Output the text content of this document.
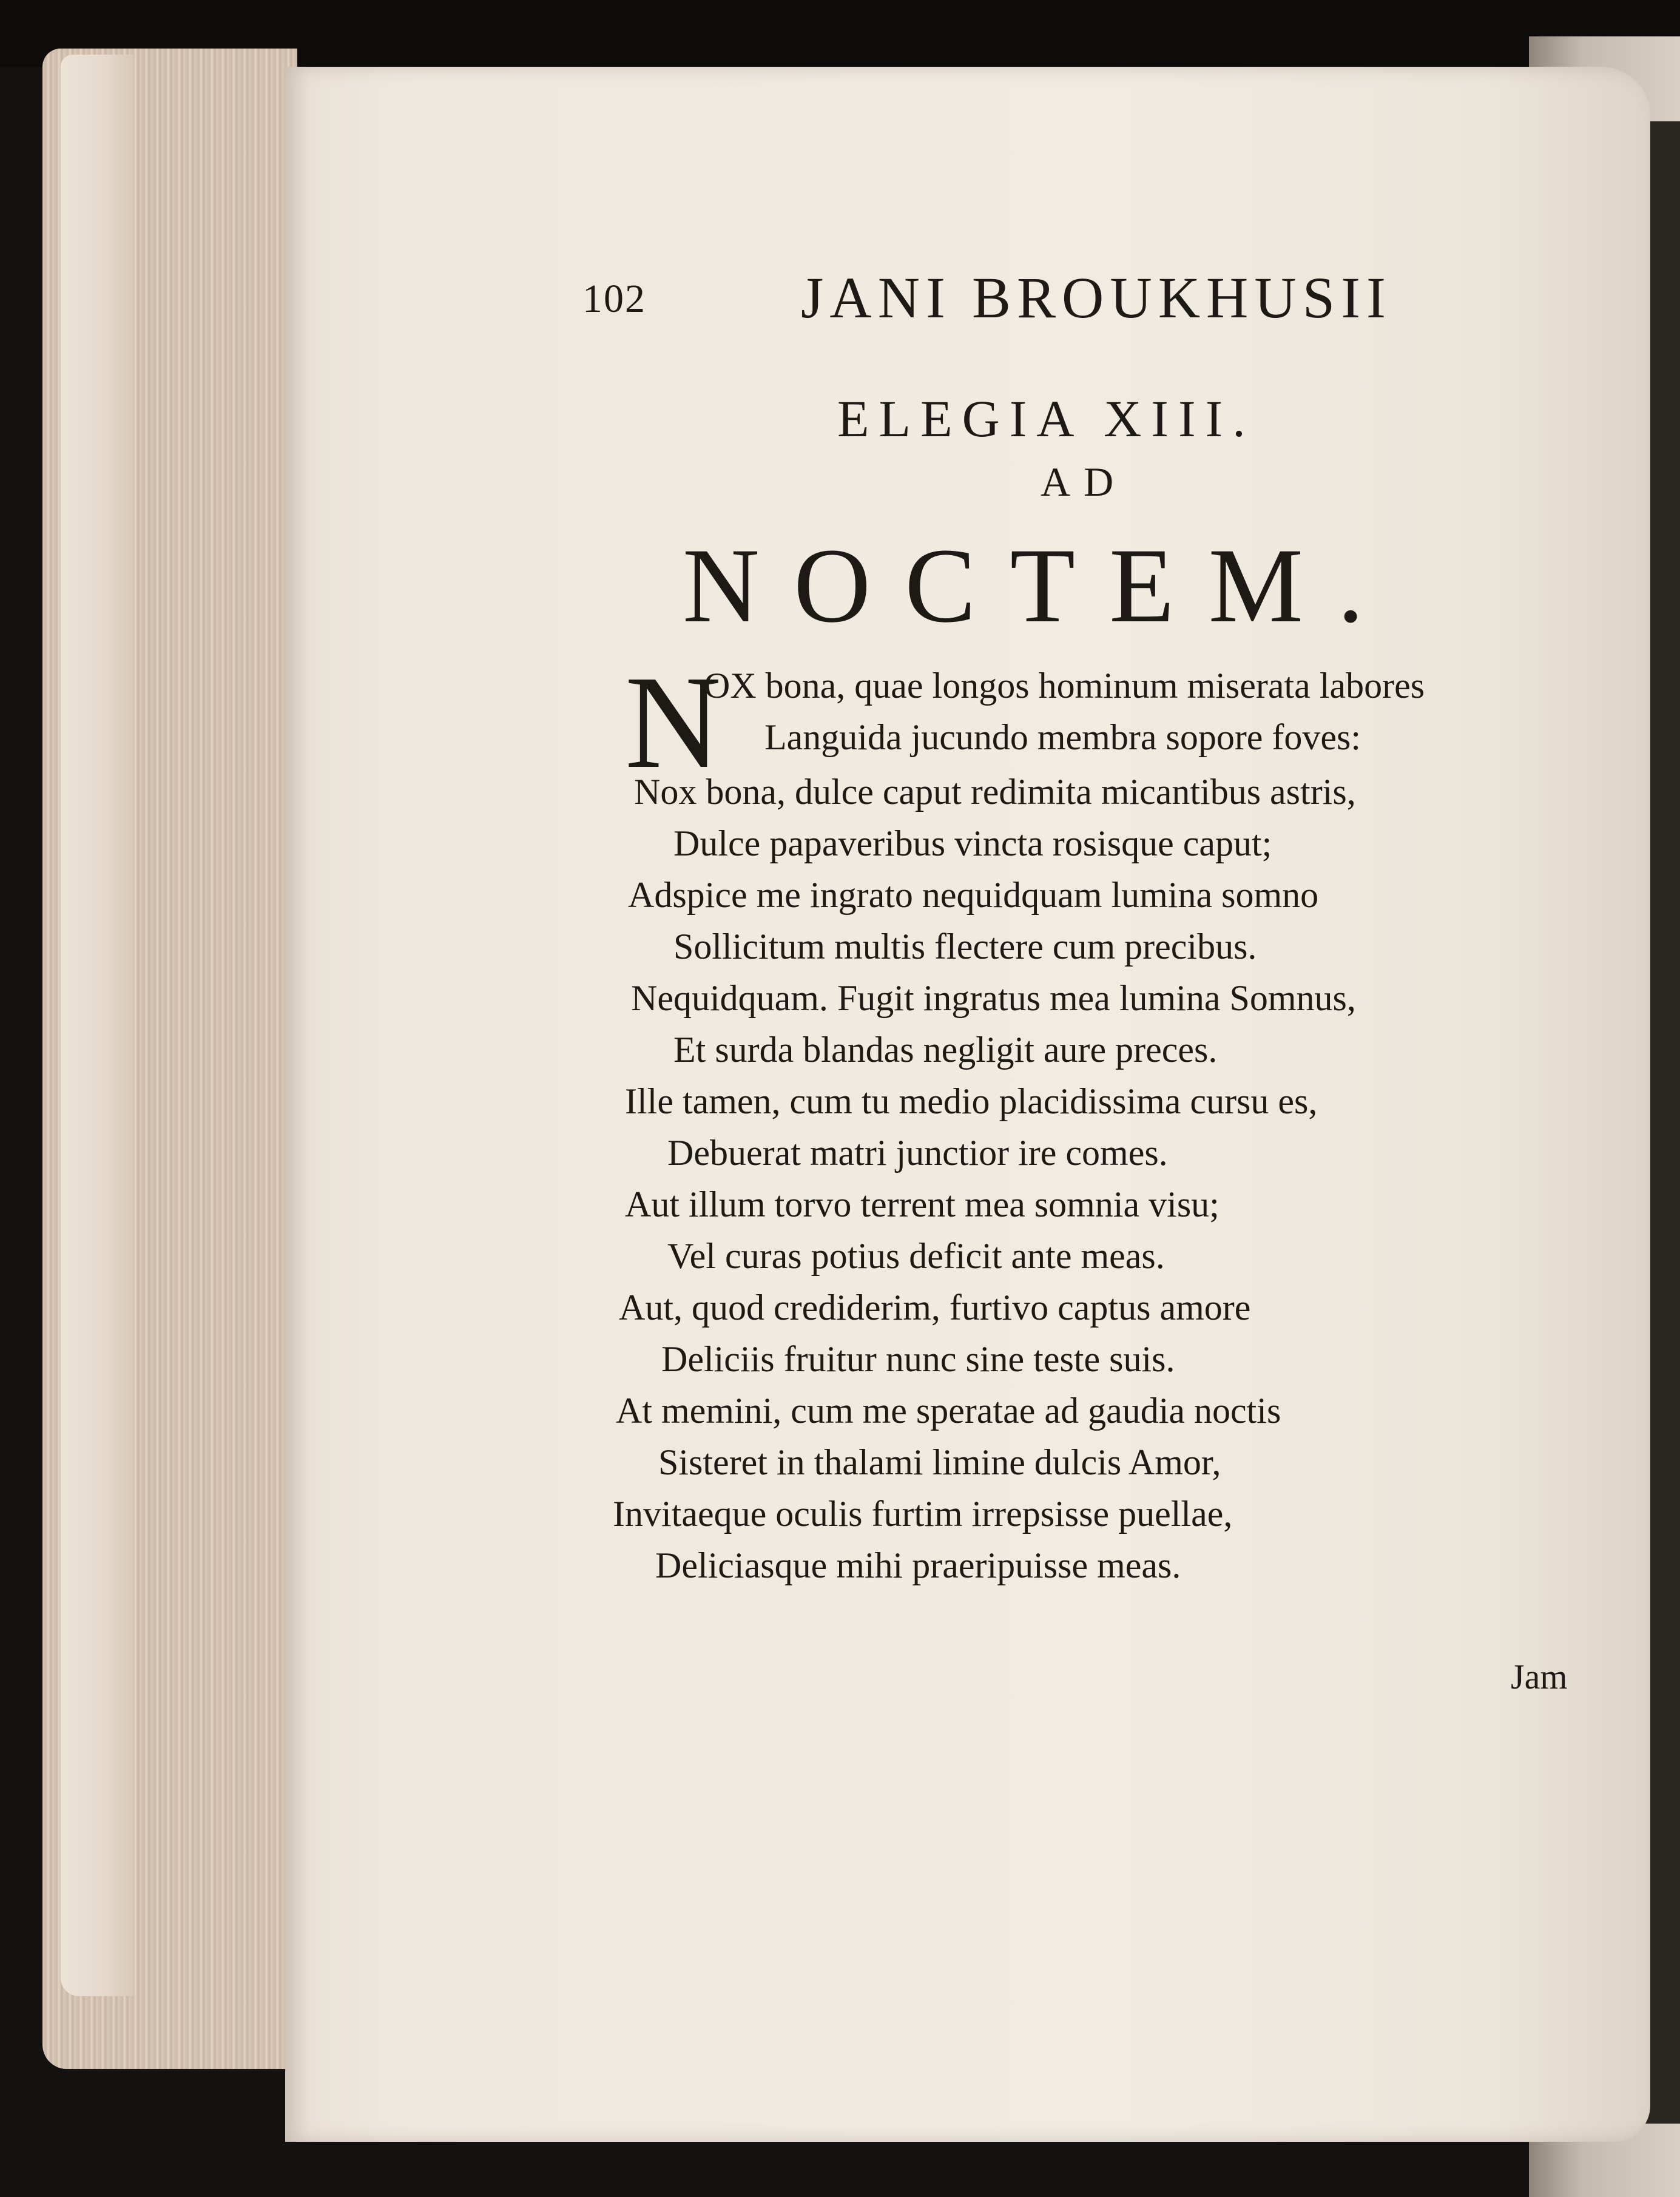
102	JANI BROUKHUSII
ELEGIA XIII.
AD
NOCTEM.
N
OX bona, quae longos hominum miserata labores
Languida jucundo membra sopore foves:
Nox bona, dulce caput redimita micantibus astris,
Dulce papaveribus vincta rosisque caput;
Adspice me ingrato nequidquam lumina somno
Sollicitum multis flectere cum precibus.
Nequidquam. Fugit ingratus mea lumina Somnus,
Et surda blandas negligit aure preces.
Ille tamen, cum tu medio placidissima cursu es,
Debuerat matri junctior ire comes.
Aut illum torvo terrent mea somnia visu;
Vel curas potius deficit ante meas.
Aut, quod crediderim, furtivo captus amore
Deliciis fruitur nunc sine teste suis.
At memini, cum me speratae ad gaudia noctis
Sisteret in thalami limine dulcis Amor,
Invitaeque oculis furtim irrepsisse puellae,
Deliciasque mihi praeripuisse meas.
Jam
